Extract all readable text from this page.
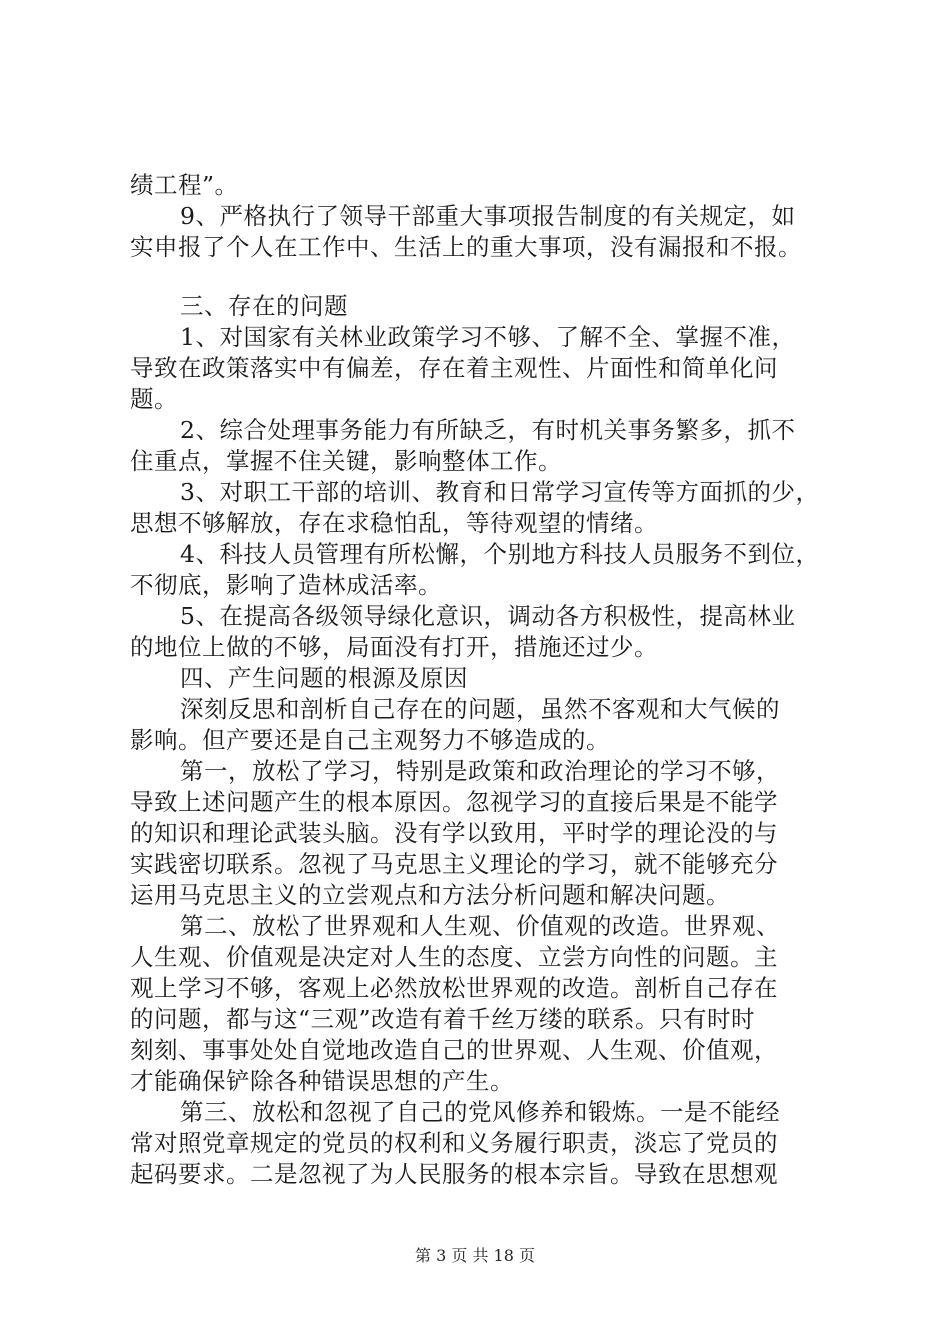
绩工程”。
9、严格执行了领导干部重大事项报告制度的有关规定，如
实申报了个人在工作中、生活上的重大事项，没有漏报和不报。
三、存在的问题
1、对国家有关林业政策学习不够、了解不全、掌握不准，
导致在政策落实中有偏差，存在着主观性、片面性和简单化问
题。
2、综合处理事务能力有所缺乏，有时机关事务繁多，抓不
住重点，掌握不住关键，影响整体工作。
3、对职工干部的培训、教育和日常学习宣传等方面抓的少，
思想不够解放，存在求稳怕乱，等待观望的情绪。
4、科技人员管理有所松懈，个别地方科技人员服务不到位，
不彻底，影响了造林成活率。
5、在提高各级领导绿化意识，调动各方积极性，提高林业
的地位上做的不够，局面没有打开，措施还过少。
四、产生问题的根源及原因
深刻反思和剖析自己存在的问题，虽然不客观和大气候的
影响。但产要还是自己主观努力不够造成的。
第一，放松了学习，特别是政策和政治理论的学习不够，
导致上述问题产生的根本原因。忽视学习的直接后果是不能学
的知识和理论武装头脑。没有学以致用，平时学的理论没的与
实践密切联系。忽视了马克思主义理论的学习，就不能够充分
运用马克思主义的立尝观点和方法分析问题和解决问题。
第二、放松了世界观和人生观、价值观的改造。世界观、
人生观、价值观是决定对人生的态度、立尝方向性的问题。主
观上学习不够，客观上必然放松世界观的改造。剖析自己存在
的问题，都与这“三观”改造有着千丝万缕的联系。只有时时
刻刻、事事处处自觉地改造自己的世界观、人生观、价值观，
才能确保铲除各种错误思想的产生。
第三、放松和忽视了自己的党风修养和锻炼。一是不能经
常对照党章规定的党员的权利和义务履行职责，淡忘了党员的
起码要求。二是忽视了为人民服务的根本宗旨。导致在思想观
第 3 页 共 18 页
